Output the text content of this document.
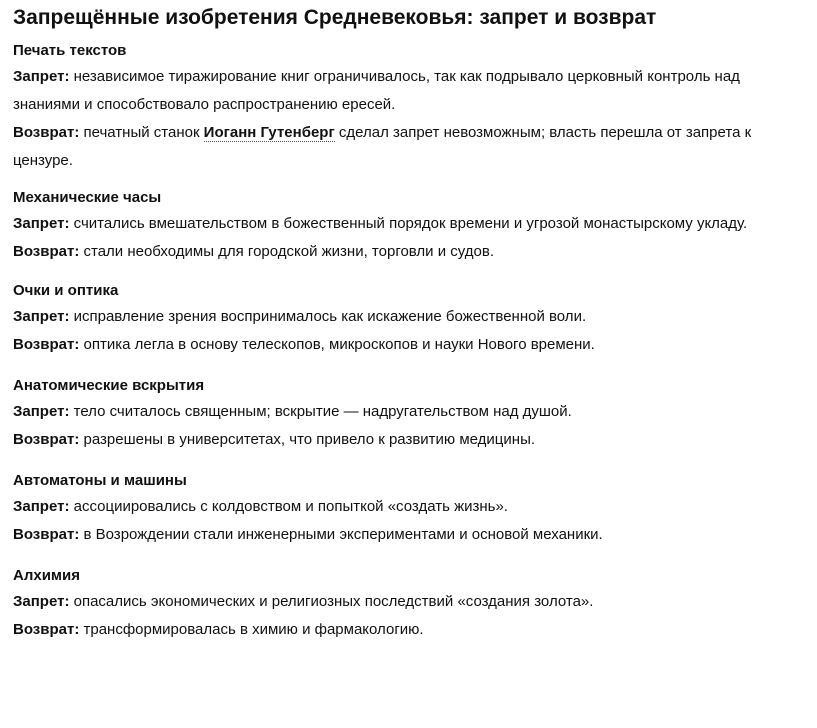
Запрещённые изобретения Средневековья: запрет и возврат
Печать текстов
Запрет: независимое тиражирование книг ограничивалось, так как подрывало церковный контроль над знаниями и способствовало распространению ересей.
Возврат: печатный станок Иоганн Гутенберг сделал запрет невозможным; власть перешла от запрета к цензуре.
Механические часы
Запрет: считались вмешательством в божественный порядок времени и угрозой монастырскому укладу.
Возврат: стали необходимы для городской жизни, торговли и судов.
Очки и оптика
Запрет: исправление зрения воспринималось как искажение божественной воли.
Возврат: оптика легла в основу телескопов, микроскопов и науки Нового времени.
Анатомические вскрытия
Запрет: тело считалось священным; вскрытие — надругательством над душой.
Возврат: разрешены в университетах, что привело к развитию медицины.
Автоматоны и машины
Запрет: ассоциировались с колдовством и попыткой «создать жизнь».
Возврат: в Возрождении стали инженерными экспериментами и основой механики.
Алхимия
Запрет: опасались экономических и религиозных последствий «создания золота».
Возврат: трансформировалась в химию и фармакологию.
